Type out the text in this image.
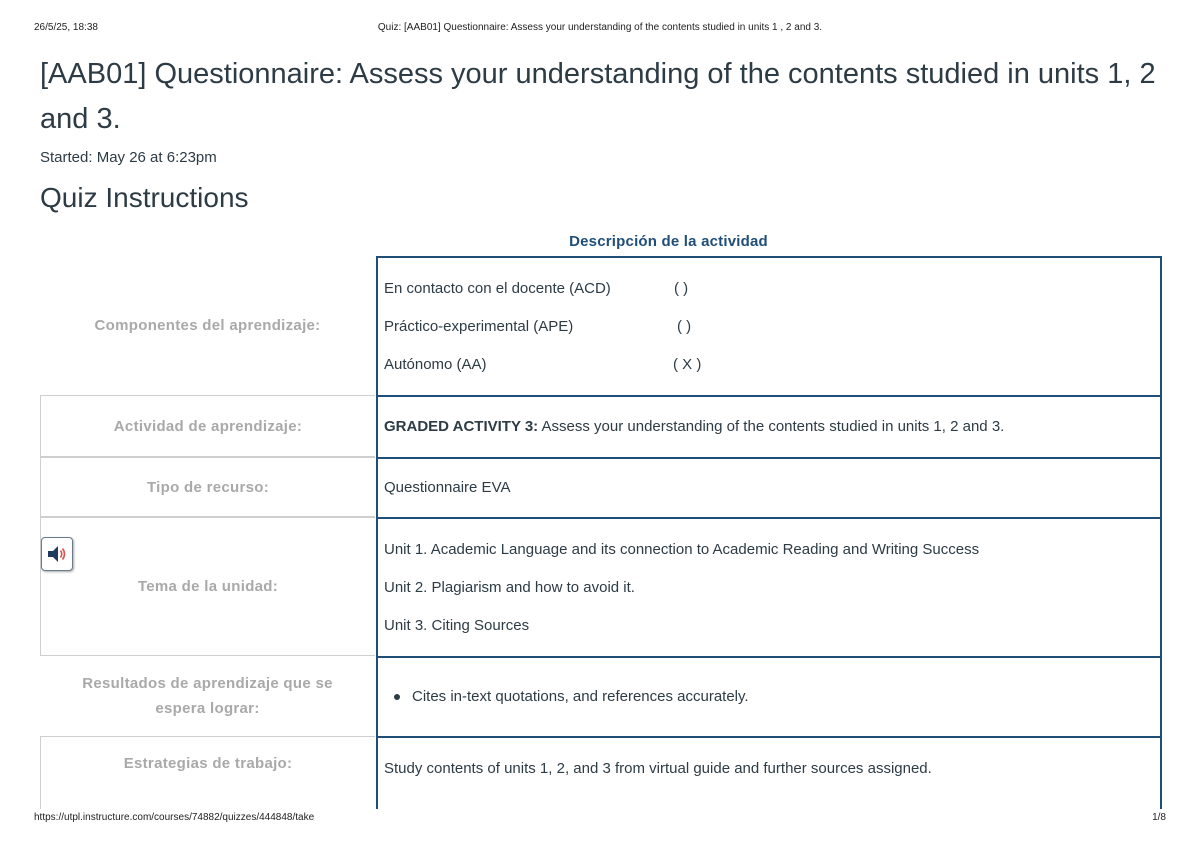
26/5/25, 18:38	Quiz: [AAB01] Questionnaire: Assess your understanding of the contents studied in units 1 , 2 and 3.
[AAB01] Questionnaire: Assess your understanding of the contents studied in units 1, 2 and 3.
Started: May 26 at 6:23pm
Quiz Instructions
Descripción de la actividad
Componentes del aprendizaje:
En contacto con el docente (ACD)	( )
Práctico-experimental (APE)	( )
Autónomo (AA)	( X )
Actividad de aprendizaje:	GRADED ACTIVITY 3: Assess your understanding of the contents studied in units 1, 2 and 3.
Tipo de recurso:	Questionnaire EVA
Tema de la unidad:
Unit 1. Academic Language and its connection to Academic Reading and Writing Success
Unit 2. Plagiarism and how to avoid it.
Unit 3. Citing Sources
Resultados de aprendizaje que se espera lograr:
Cites in-text quotations, and references accurately.
Estrategias de trabajo:	Study contents of units 1, 2, and 3 from virtual guide and further sources assigned.
https://utpl.instructure.com/courses/74882/quizzes/444848/take	1/8
